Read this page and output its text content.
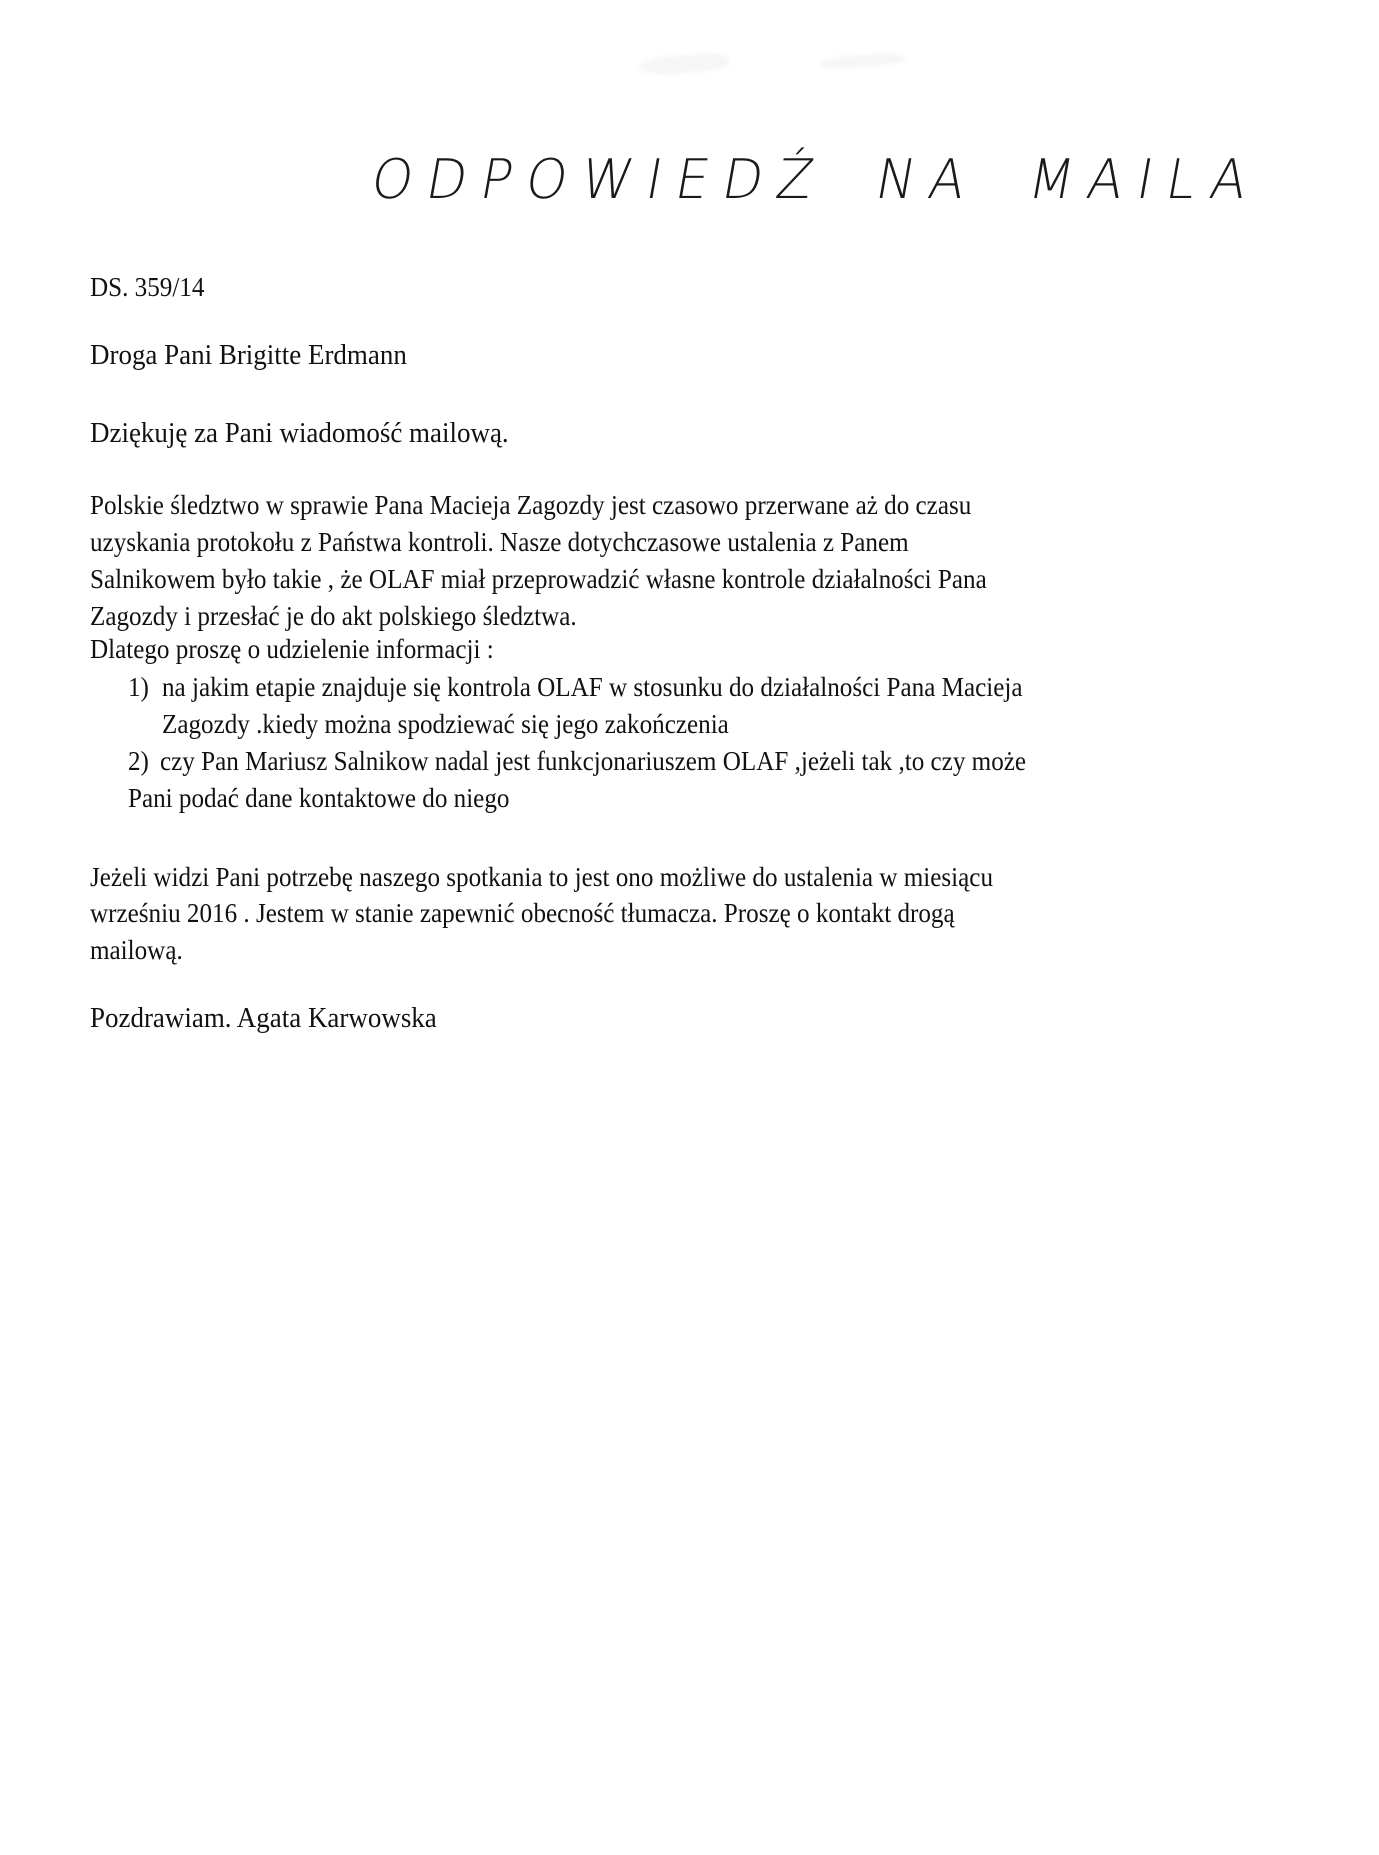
ODPOWIEDŹ NA MAILA
DS. 359/14
Droga Pani Brigitte Erdmann
Dziękuję za Pani wiadomość mailową.
Polskie śledztwo w sprawie Pana Macieja Zagozdy jest czasowo przerwane aż do czasu
uzyskania protokołu z Państwa kontroli. Nasze dotychczasowe ustalenia z Panem
Salnikowem było takie , że OLAF miał przeprowadzić własne kontrole działalności Pana
Zagozdy i przesłać je do akt polskiego śledztwa.
Dlatego proszę o udzielenie informacji :
1) na jakim etapie znajduje się kontrola OLAF w stosunku do działalności Pana Macieja
Zagozdy .kiedy można spodziewać się jego zakończenia
2) czy Pan Mariusz Salnikow nadal jest funkcjonariuszem OLAF ,jeżeli tak ,to czy może
Pani podać dane kontaktowe do niego
Jeżeli widzi Pani potrzebę naszego spotkania to jest ono możliwe do ustalenia w miesiącu
wrześniu 2016 . Jestem w stanie zapewnić obecność tłumacza. Proszę o kontakt drogą
mailową.
Pozdrawiam. Agata Karwowska
